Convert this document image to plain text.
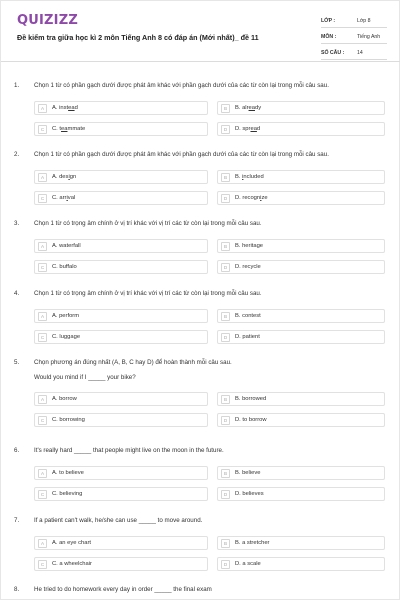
QUIZIZZ
Đề kiểm tra giữa học kì 2 môn Tiếng Anh 8 có đáp án (Mới nhất)_ đề 11
LỚP :	Lớp 8
MÔN :	Tiếng Anh
SỐ CÂU :	14
1. Chọn 1 từ có phần gạch dưới được phát âm khác với phần gạch dưới của các từ còn lại trong mỗi câu sau.
A	A. instead	B	B. already
C	C. teammate	D	D. spread
2. Chọn 1 từ có phần gạch dưới được phát âm khác với phần gạch dưới của các từ còn lại trong mỗi câu sau.
A	A. design	B	B. included
C	C. arrival	D	D. recognize
3. Chọn 1 từ có trọng âm chính ở vị trí khác với vị trí các từ còn lại trong mỗi câu sau.
A	A. waterfall	B	B. heritage
C	C. buffalo	D	D. recycle
4. Chọn 1 từ có trọng âm chính ở vị trí khác với vị trí các từ còn lại trong mỗi câu sau.
A	A. perform	B	B. contest
C	C. luggage	D	D. patient
5. Chọn phương án đúng nhất (A, B, C hay D) để hoàn thành mỗi câu sau.
Would you mind if I _____ your bike?
A	A. borrow	B	B. borrowed
C	C. borrowing	D	D. to borrow
6. It's really hard _____ that people might live on the moon in the future.
A	A. to believe	B	B. believe
C	C. believing	D	D. believes
7. If a patient can't walk, he/she can use _____ to move around.
A	A. an eye chart	B	B. a stretcher
C	C. a wheelchair	D	D. a scale
8. He tried to do homework every day in order _____ the final exam
